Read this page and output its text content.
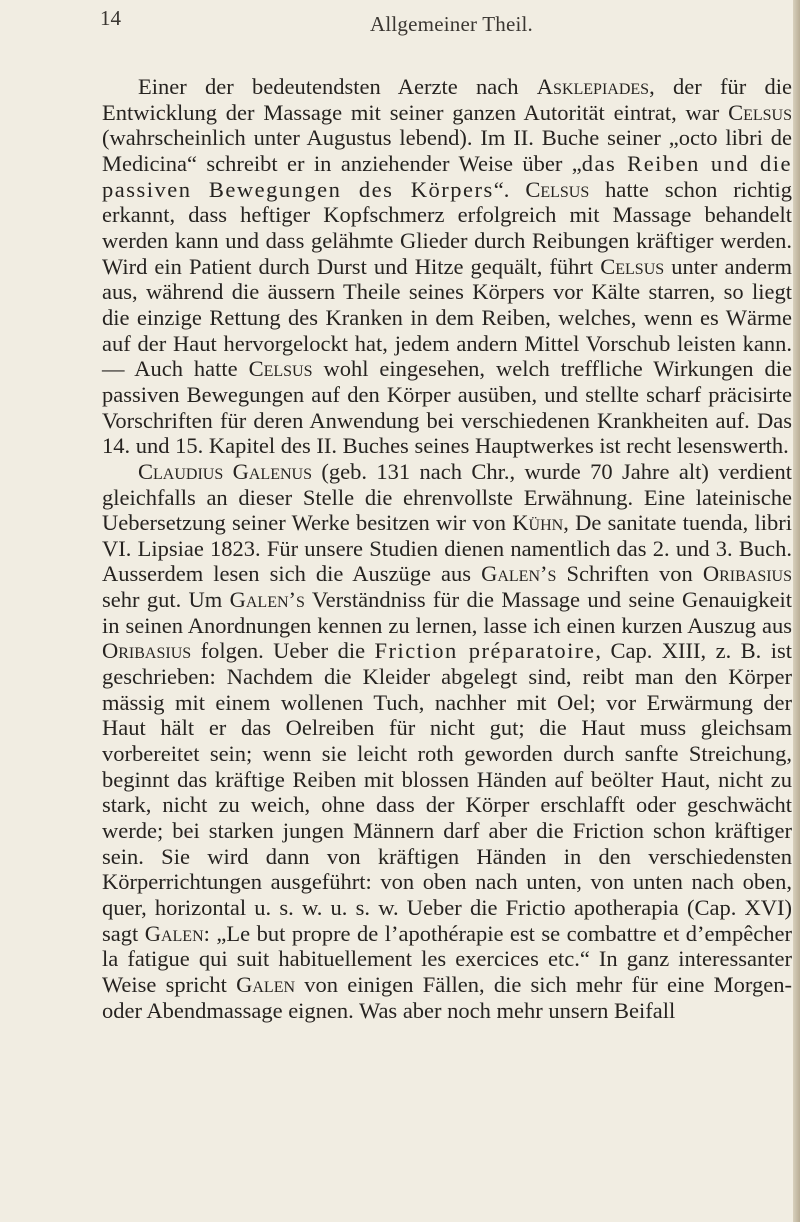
14	Allgemeiner Theil.

Einer der bedeutendsten Aerzte nach Asklepiades, der für die Entwicklung der Massage mit seiner ganzen Autorität eintrat, war Celsus (wahrscheinlich unter Augustus lebend). Im II. Buche seiner „octo libri de Medicina“ schreibt er in anziehender Weise über „das Reiben und die passiven Bewegungen des Körpers“. Celsus hatte schon richtig erkannt, dass heftiger Kopfschmerz erfolgreich mit Massage behandelt werden kann und dass gelähmte Glieder durch Reibungen kräftiger werden. Wird ein Patient durch Durst und Hitze gequält, führt Celsus unter anderm aus, während die äussern Theile seines Körpers vor Kälte starren, so liegt die einzige Rettung des Kranken in dem Reiben, welches, wenn es Wärme auf der Haut hervorgelockt hat, jedem andern Mittel Vorschub leisten kann. — Auch hatte Celsus wohl eingesehen, welch treffliche Wirkungen die passiven Bewegungen auf den Körper ausüben, und stellte scharf präcisirte Vorschriften für deren Anwendung bei verschiedenen Krankheiten auf. Das 14. und 15. Kapitel des II. Buches seines Hauptwerkes ist recht lesenswerth.

Claudius Galenus (geb. 131 nach Chr., wurde 70 Jahre alt) verdient gleichfalls an dieser Stelle die ehrenvollste Erwähnung. Eine lateinische Uebersetzung seiner Werke besitzen wir von Kühn, De sanitate tuenda, libri VI. Lipsiae 1823. Für unsere Studien dienen namentlich das 2. und 3. Buch. Ausserdem lesen sich die Auszüge aus Galen’s Schriften von Oribasius sehr gut. Um Galen’s Verständniss für die Massage und seine Genauigkeit in seinen Anordnungen kennen zu lernen, lasse ich einen kurzen Auszug aus Oribasius folgen. Ueber die Friction préparatoire, Cap. XIII, z. B. ist geschrieben: Nachdem die Kleider abgelegt sind, reibt man den Körper mässig mit einem wollenen Tuch, nachher mit Oel; vor Erwärmung der Haut hält er das Oelreiben für nicht gut; die Haut muss gleichsam vorbereitet sein; wenn sie leicht roth geworden durch sanfte Streichung, beginnt das kräftige Reiben mit blossen Händen auf beölter Haut, nicht zu stark, nicht zu weich, ohne dass der Körper erschlafft oder geschwächt werde; bei starken jungen Männern darf aber die Friction schon kräftiger sein. Sie wird dann von kräftigen Händen in den verschiedensten Körperrichtungen ausgeführt: von oben nach unten, von unten nach oben, quer, horizontal u. s. w. u. s. w. Ueber die Frictio apotherapia (Cap. XVI) sagt Galen: „Le but propre de l’apothérapie est se combattre et d’empêcher la fatigue qui suit habituellement les exercices etc.“ In ganz interessanter Weise spricht Galen von einigen Fällen, die sich mehr für eine Morgen- oder Abendmassage eignen. Was aber noch mehr unsern Beifall
